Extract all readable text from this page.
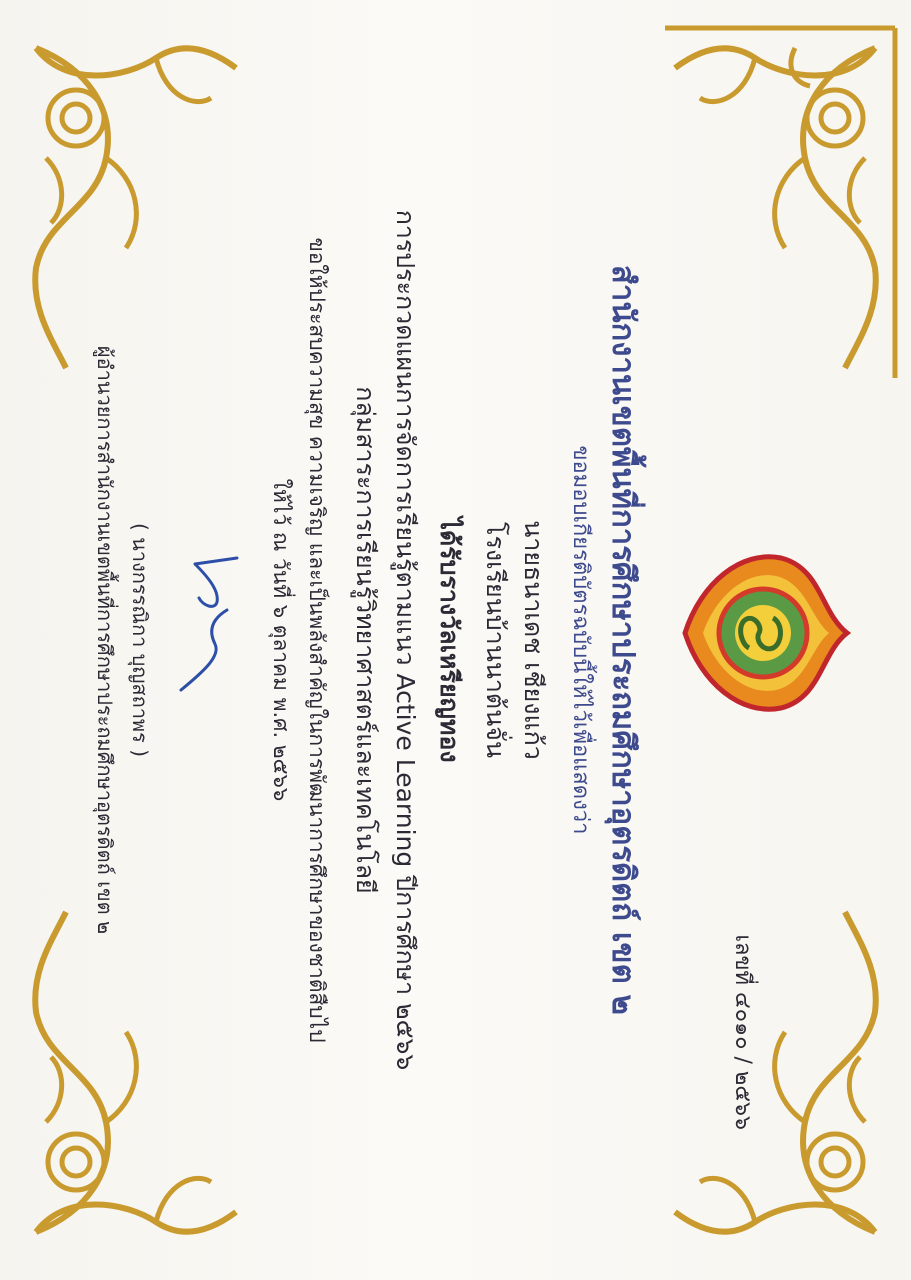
เลขที่ ๔๐๑๐ / ๒๕๖๖
สำนักงานเขตพื้นที่การศึกษาประถมศึกษาอุตรดิตถ์ เขต ๒
ขอมอบเกียรติบัตรฉบับนี้ให้ไว้เพื่อแสดงว่า
นายธนาเดช เชียงแก้ว
โรงเรียนบ้านนาต้นจั่น
ได้รับรางวัลเหรียญทอง
การประกวดแผนการจัดการเรียนรู้ตามแนว Active Learning ปีการศึกษา ๒๕๖๖
กลุ่มสาระการเรียนรู้วิทยาศาสตร์และเทคโนโลยี
ขอให้ประสบความสุข ความเจริญ และเป็นพลังสำคัญในการพัฒนาการศึกษาของชาติสืบไป
ให้ไว้ ณ วันที่ ๖ ตุลาคม พ.ศ. ๒๕๖๖
( นางกรรณิกา บุญสถาพร )
ผู้อำนวยการสำนักงานเขตพื้นที่การศึกษาประถมศึกษาอุตรดิตถ์ เขต ๒
